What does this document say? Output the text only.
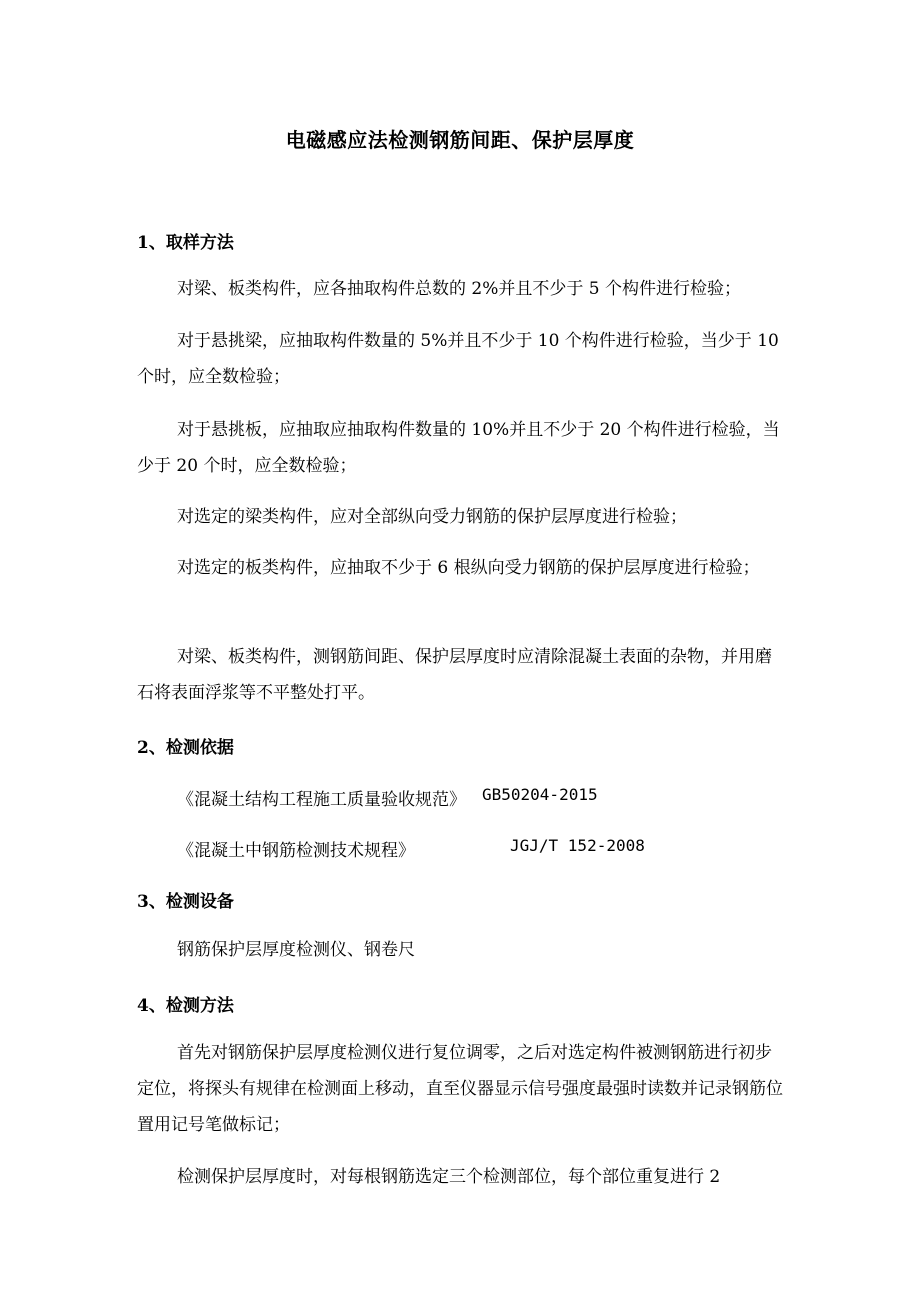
电磁感应法检测钢筋间距、保护层厚度
1、取样方法
对梁、板类构件，应各抽取构件总数的 2%并且不少于 5 个构件进行检验；
对于悬挑梁，应抽取构件数量的 5%并且不少于 10 个构件进行检验，当少于 10 个时，应全数检验；
对于悬挑板，应抽取应抽取构件数量的 10%并且不少于 20 个构件进行检验，当少于 20 个时，应全数检验；
对选定的梁类构件，应对全部纵向受力钢筋的保护层厚度进行检验；
对选定的板类构件，应抽取不少于 6 根纵向受力钢筋的保护层厚度进行检验；
对梁、板类构件，测钢筋间距、保护层厚度时应清除混凝土表面的杂物，并用磨石将表面浮浆等不平整处打平。
2、检测依据
《混凝土结构工程施工质量验收规范》 GB50204-2015
《混凝土中钢筋检测技术规程》	JGJ/T 152-2008
3、检测设备
钢筋保护层厚度检测仪、钢卷尺
4、检测方法
首先对钢筋保护层厚度检测仪进行复位调零，之后对选定构件被测钢筋进行初步定位，将探头有规律在检测面上移动，直至仪器显示信号强度最强时读数并记录钢筋位置用记号笔做标记；
检测保护层厚度时，对每根钢筋选定三个检测部位，每个部位重复进行 2
